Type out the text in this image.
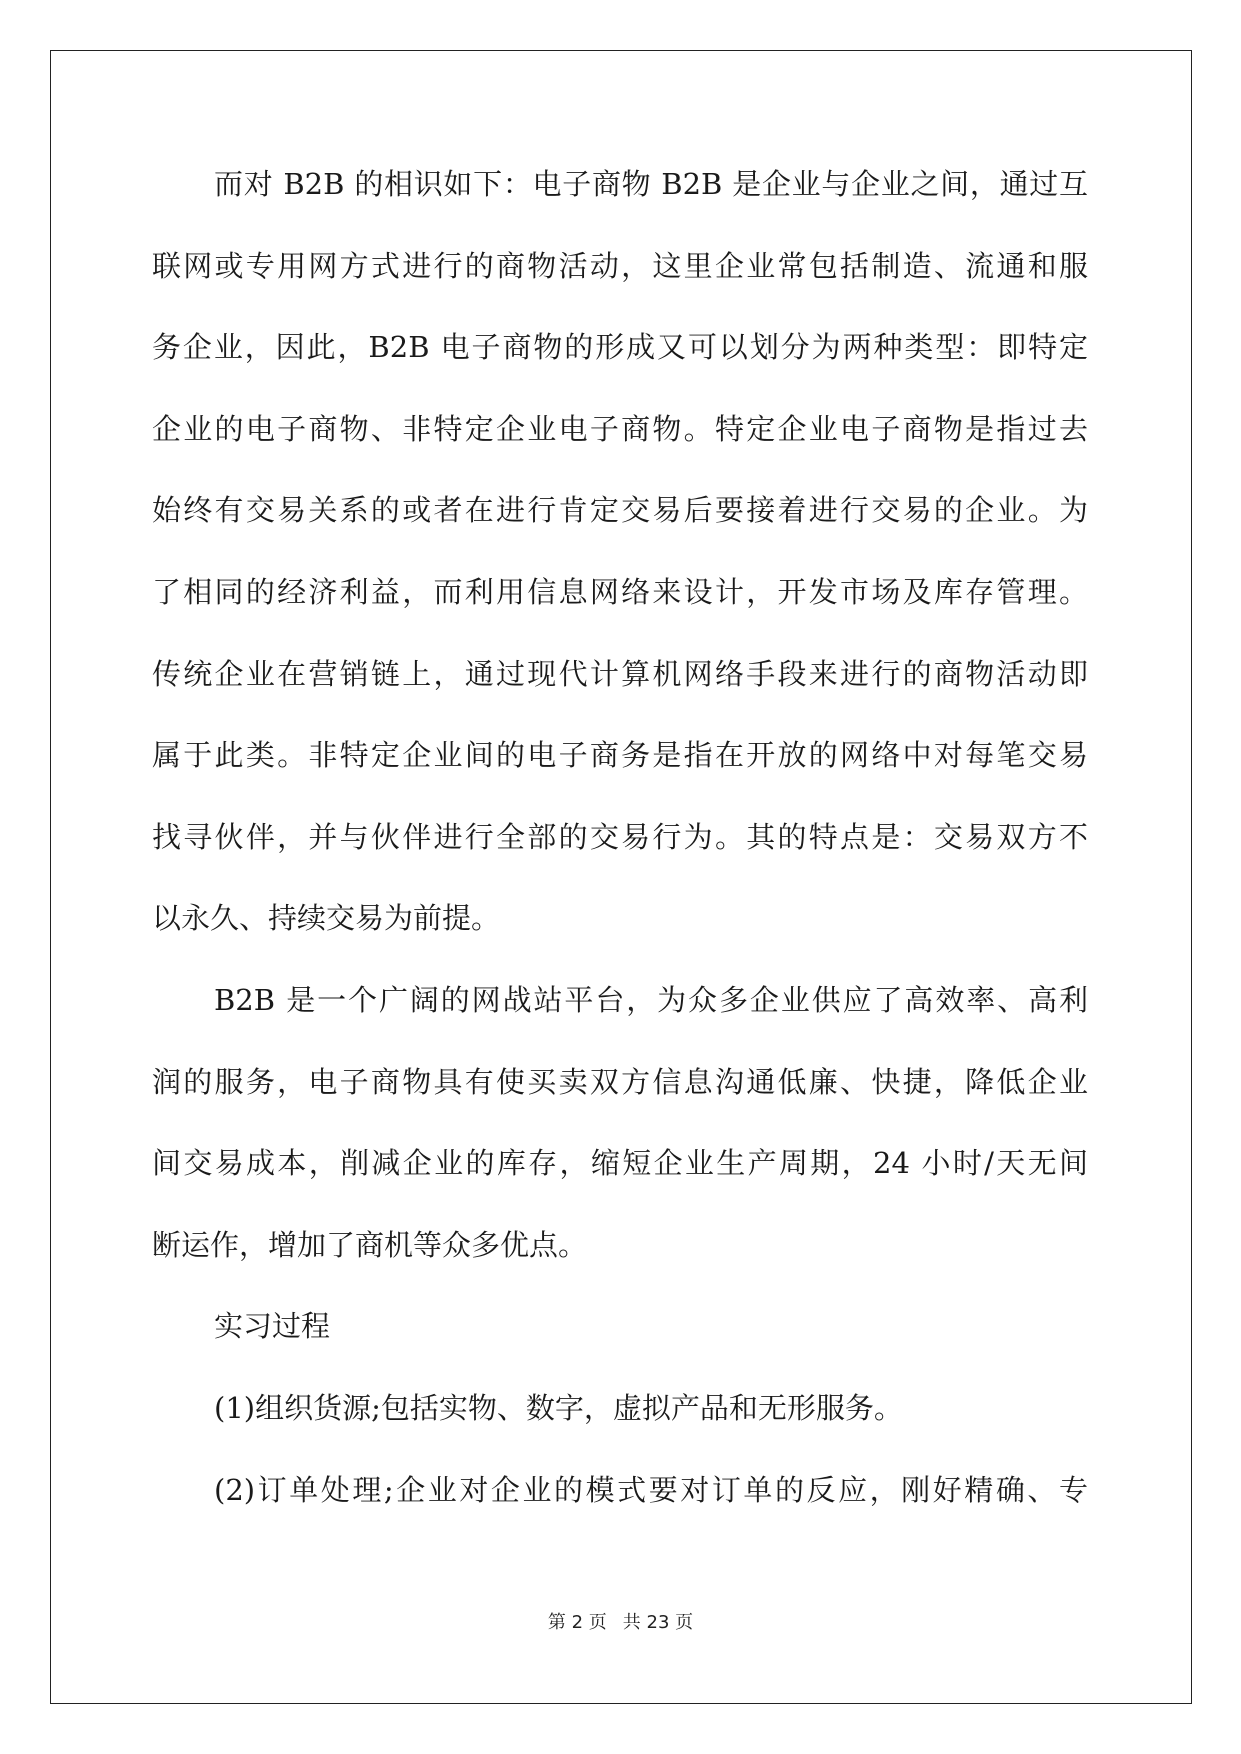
而对 B2B 的相识如下：电子商物 B2B 是企业与企业之间，通过互
联网或专用网方式进行的商物活动，这里企业常包括制造、流通和服
务企业，因此，B2B 电子商物的形成又可以划分为两种类型：即特定
企业的电子商物、非特定企业电子商物。特定企业电子商物是指过去
始终有交易关系的或者在进行肯定交易后要接着进行交易的企业。为
了相同的经济利益，而利用信息网络来设计，开发市场及库存管理。
传统企业在营销链上，通过现代计算机网络手段来进行的商物活动即
属于此类。非特定企业间的电子商务是指在开放的网络中对每笔交易
找寻伙伴，并与伙伴进行全部的交易行为。其的特点是：交易双方不
以永久、持续交易为前提。
B2B 是一个广阔的网战站平台，为众多企业供应了高效率、高利
润的服务，电子商物具有使买卖双方信息沟通低廉、快捷，降低企业
间交易成本，削减企业的库存，缩短企业生产周期，24 小时/天无间
断运作，增加了商机等众多优点。
实习过程
(1)组织货源;包括实物、数字，虚拟产品和无形服务。
(2)订单处理;企业对企业的模式要对订单的反应，刚好精确、专
第 2 页 共 23 页
